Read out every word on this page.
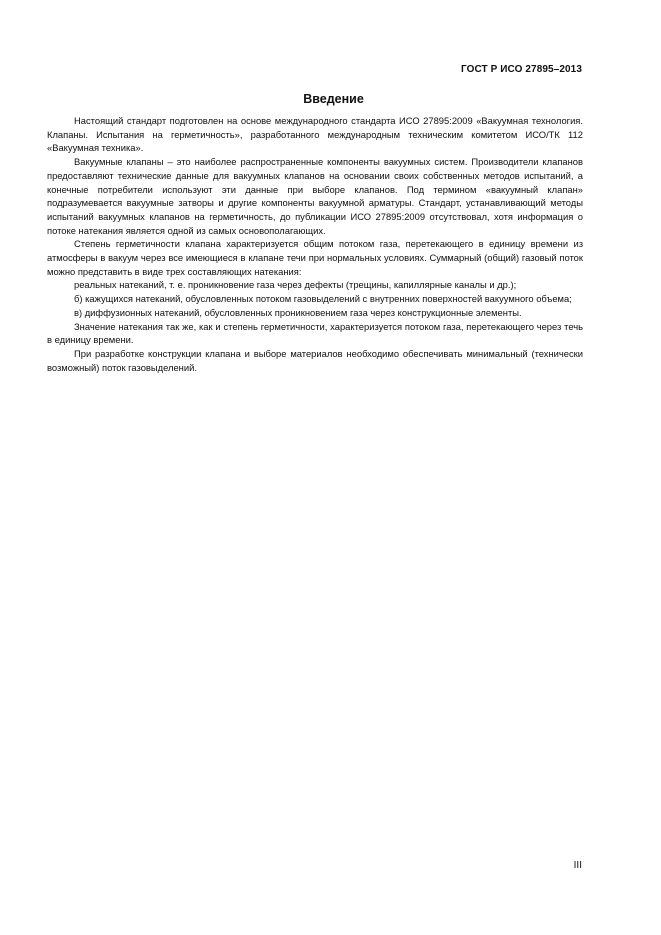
ГОСТ Р ИСО 27895–2013
Введение

Настоящий стандарт подготовлен на основе международного стандарта ИСО 27895:2009 «Вакуумная технология. Клапаны. Испытания на герметичность», разработанного международным техническим комитетом ИСО/ТК 112 «Вакуумная техника».

Вакуумные клапаны – это наиболее распространенные компоненты вакуумных систем. Производители клапанов предоставляют технические данные для вакуумных клапанов на основании своих собственных методов испытаний, а конечные потребители используют эти данные при выборе клапанов. Под термином «вакуумный клапан» подразумевается вакуумные затворы и другие компоненты вакуумной арматуры. Стандарт, устанавливающий методы испытаний вакуумных клапанов на герметичность, до публикации ИСО 27895:2009 отсутствовал, хотя информация о потоке натекания является одной из самых основополагающих.

Степень герметичности клапана характеризуется общим потоком газа, перетекающего в единицу времени из атмосферы в вакуум через все имеющиеся в клапане течи при нормальных условиях. Суммарный (общий) газовый поток можно представить в виде трех составляющих натекания:

реальных натеканий, т. е. проникновение газа через дефекты (трещины, капиллярные каналы и др.);

б) кажущихся натеканий, обусловленных потоком газовыделений с внутренних поверхностей вакуумного объема;

в) диффузионных натеканий, обусловленных проникновением газа через конструкционные элементы.

Значение натекания так же, как и степень герметичности, характеризуется потоком газа, перетекающего через течь в единицу времени.

При разработке конструкции клапана и выборе материалов необходимо обеспечивать минимальный (технически возможный) поток газовыделений.

III
